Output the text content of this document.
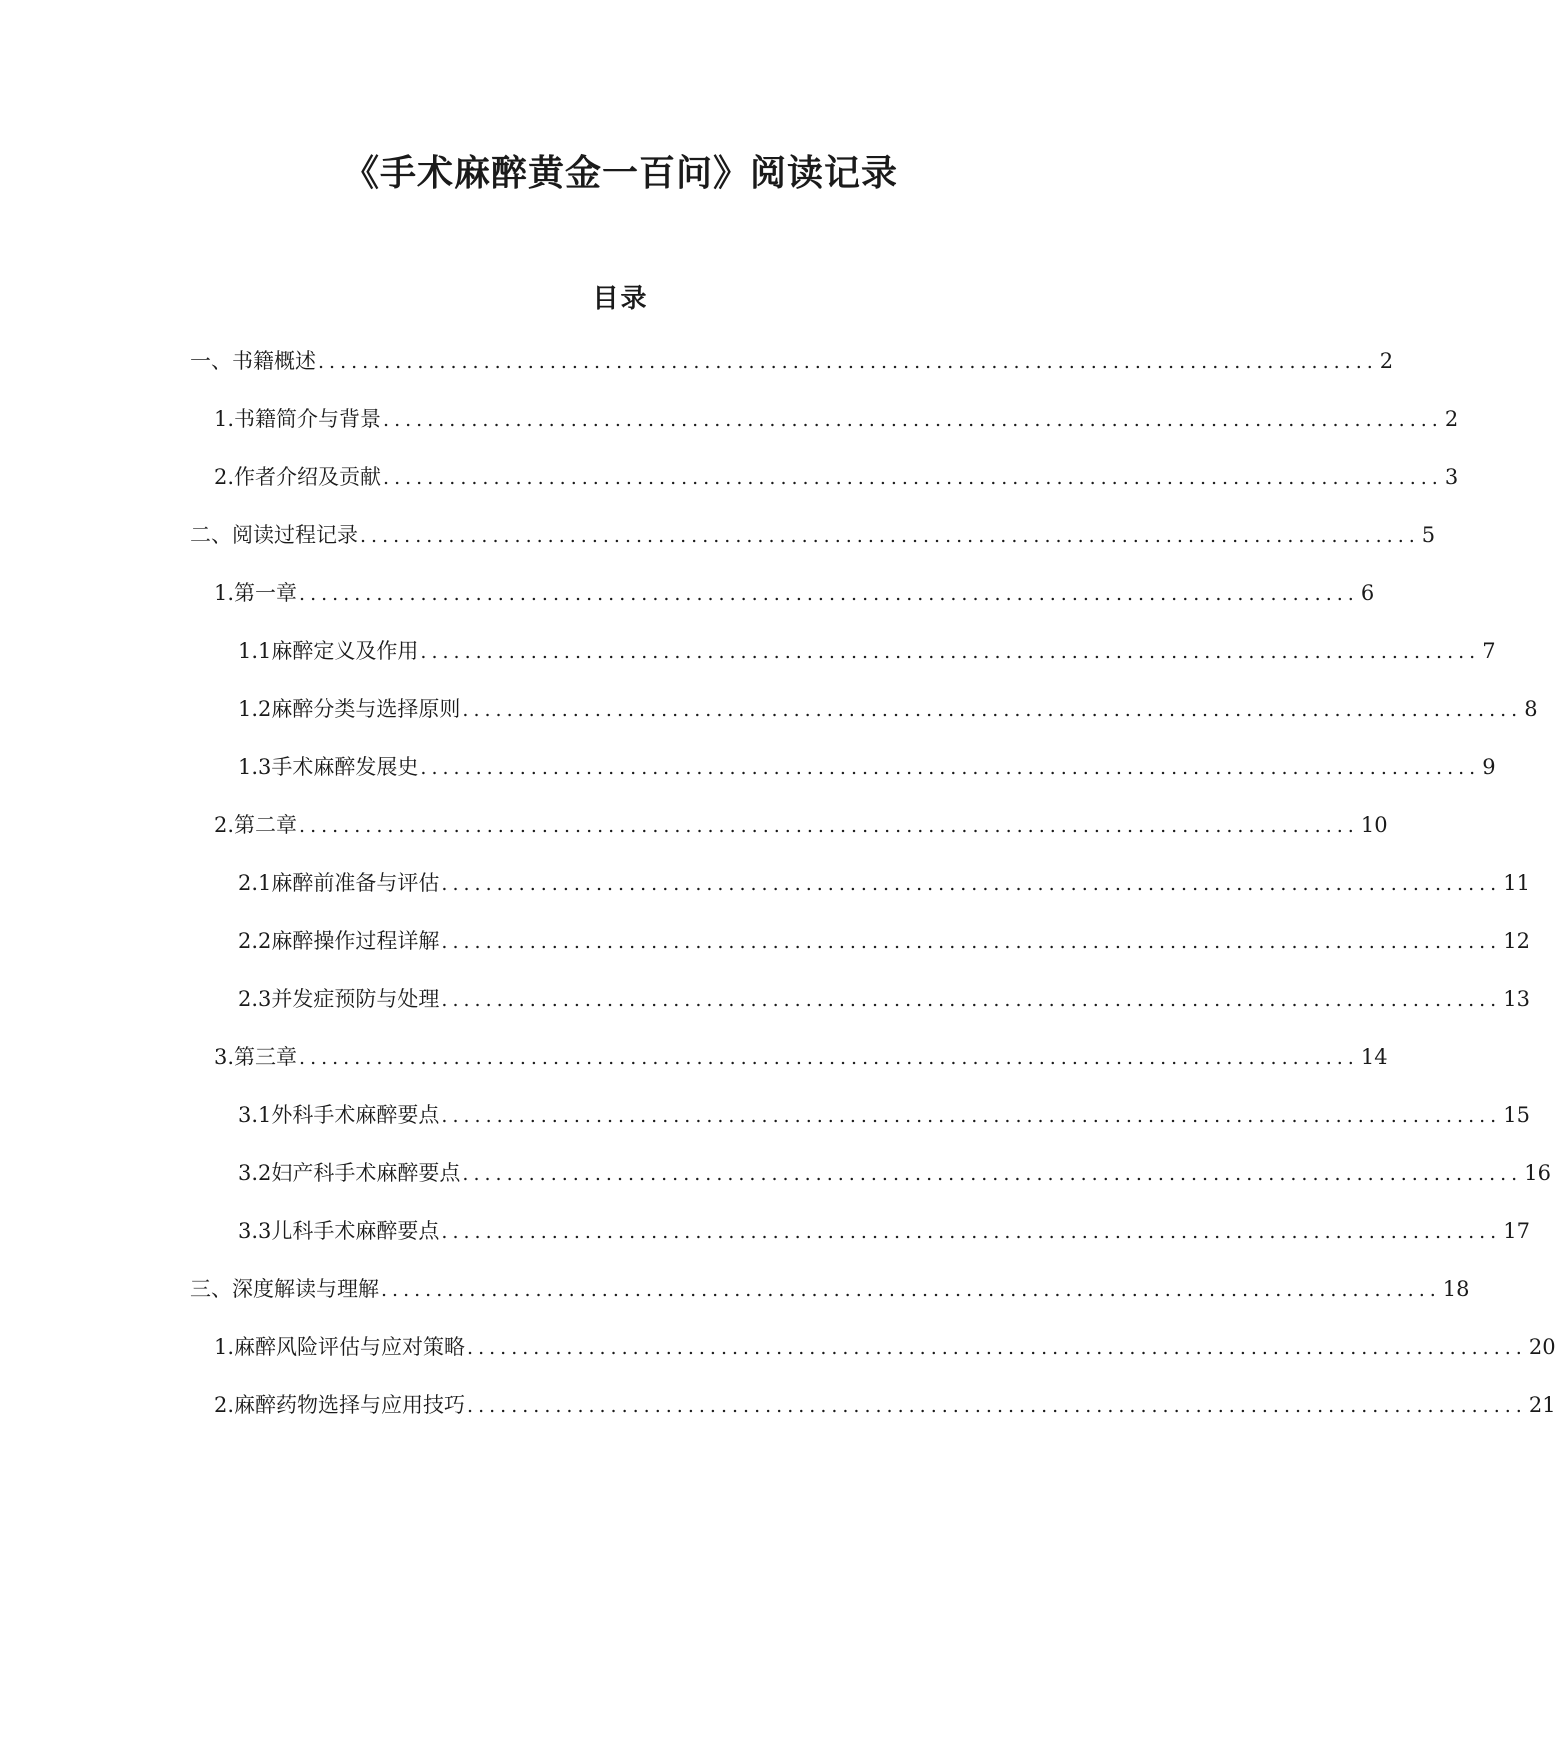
《手术麻醉黄金一百问》阅读记录
目录
一、 书籍概述 ................................................................................................ 2
1. 书籍简介与背景 ................................................................................................ 2
2. 作者介绍及贡献 ................................................................................................ 3
二、 阅读过程记录 ................................................................................................ 5
1. 第一章 ................................................................................................ 6
1.1 麻醉定义及作用 ................................................................................................ 7
1.2 麻醉分类与选择原则 ................................................................................................ 8
1.3 手术麻醉发展史 ................................................................................................ 9
2. 第二章 ................................................................................................ 10
2.1 麻醉前准备与评估 ................................................................................................ 11
2.2 麻醉操作过程详解 ................................................................................................ 12
2.3 并发症预防与处理 ................................................................................................ 13
3. 第三章 ................................................................................................ 14
3.1 外科手术麻醉要点 ................................................................................................ 15
3.2 妇产科手术麻醉要点 ................................................................................................ 16
3.3 儿科手术麻醉要点 ................................................................................................ 17
三、 深度解读与理解 ................................................................................................ 18
1. 麻醉风险评估与应对策略 ................................................................................................ 20
2. 麻醉药物选择与应用技巧 ................................................................................................ 21
